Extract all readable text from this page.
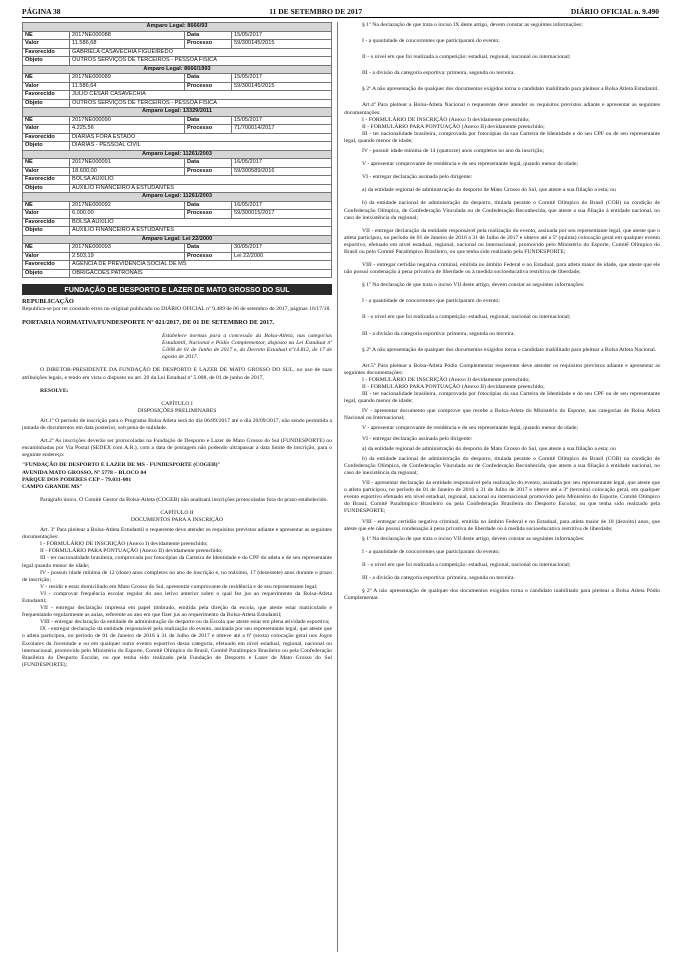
PÁGINA 38	11 DE SETEMBRO DE 2017	DIÁRIO OFICIAL n. 9.490
Amparo Legal: 8666/93			
NE	2017NE000088	Data	15/05/2017
Valor	11.586,68	Processo	59/300145/2015
Favorecido	GABRIELA CASAVECHIA FIGUEIREDO		
Objeto	OUTROS SERVIÇOS DE TERCEIROS - PESSOA FISICA		
Amparo Legal: 8666/1993			
NE	2017NE000089	Data	15/05/2017
Valor	11.586,64	Processo	59/300145/2015
Favorecido	JULIO CESAR CASAVECHIA		
Objeto	OUTROS SERVIÇOS DE TERCEIROS - PESSOA FISICA		
Amparo Legal: 13329/2011			
NE	2017NE000090	Data	15/05/2017
Valor	4.225,56	Processo	71/700014/2017
Favorecido	DIARIAS FORA ESTADO		
Objeto	DIARIAS - PESSOAL CIVIL		
Amparo Legal: 11261/2003			
NE	2017NE000091	Data	16/05/2017
Valor	18.600,00	Processo	59/300589/2016
Favorecido	BOLSA AUXILIO		
Objeto	AUXILIO FINANCEIRO A ESTUDANTES		
Amparo Legal: 11261/2003			
NE	2017NE000092	Data	16/05/2017
Valor	6.000,00	Processo	59/300015/2017
Favorecido	BOLSA AUXILIO		
Objeto	AUXILIO FINANCEIRO A ESTUDANTES		
Amparo Legal: Lei 22/2000			
NE	2017NE000093	Data	30/05/2017
Valor	2.503,19	Processo	Lei 22/2000
Favorecido	AGENCIA DE PREVIDENCIA SOCIAL DE MS		
Objeto	OBRIGACOES PATRONAIS		
FUNDAÇÃO DE DESPORTO E LAZER DE MATO GROSSO DO SUL

REPUBLICAÇÃO

Republica-se por ter constado erros no original publicado no DIÁRIO OFICIAL nº 9.489 de 06 de setembro de 2017, páginas 16/17/18.

PORTARIA NORMATIVA/FUNDESPORTE Nº 021/2017, DE 01 DE SETEMBRO DE 2017.

Estabelece normas para a concessão da Bolsa-Atleta, nas categorias Estudantil, Nacional e Pódio Complementar, disposto na Lei Estadual nº 5.008 de 01 de Junho de 2017 e, do Decreto Estadual nº14.812, de 17 de agosto de 2017.

O DIRETOR-PRESIDENTE DA FUNDAÇÃO DE DESPORTO E LAZER DE MATO GROSSO DO SUL, no uso de suas atribuições legais, e tendo em vista o disposto no art. 20 da Lei Estadual nº 5.008, de 01 de junho de 2017,

RESOLVE:

CAPÍTULO I

DISPOSIÇÕES PRELIMINARES

Art.1º O período de inscrição para o Programa Bolsa Atleta será do dia 06/09/2017 até o dia 20/09/2017, não sendo permitida a juntada de documentos em data posterior, sob pena de nulidade.

Art.2º As inscrições deverão ser protocoladas na Fundação de Desporto e Lazer de Mato Grosso do Sul (FUNDESPORTE) ou encaminhadas por Via Postal (SEDEX com A.R.), com a data de postagem não podendo ultrapassar a data limite de inscrição, para o seguinte endereço:

"FUNDAÇÃO DE DESPORTO E LAZER DE MS - FUNDESPORTE (COGEB)"

AVENIDA MATO GROSSO, Nº 5778 – BLOCO 04

PARQUE DOS PODERES CEP – 79.031-001

CAMPO GRANDE MS"

Parágrafo único. O Comitê Gestor da Bolsa-Atleta (COGEB) não analisará inscrições protocoladas fora do prazo estabelecido.

CAPÍTULO II

DOCUMENTOS PARA A INSCRIÇÃO

Art. 3º Para pleitear a Bolsa-Atleta Estudantil o requerente deve atender os requisitos previstos adiante e apresentar as seguintes documentações:

I - FORMULÁRIO DE INSCRIÇÃO (Anexo I) devidamente preenchido;

II - FORMULÁRIO PARA PONTUAÇÃO (Anexo II) devidamente preenchido;

III - ter nacionalidade brasileira, comprovada por fotocópias da Carteira de Identidade e do CPF do atleta e de seu representante legal quando menor de idade;

IV - possuir idade mínima de 12 (doze) anos completos no ano de inscrição e, no máximo, 17 (dezessete) anos durante o prazo de inscrição;

V - residir e estar domiciliado em Mato Grosso do Sul, apresentar comprovante de residência e de seu representante legal;

VI - comprovar frequência escolar regular do ano letivo anterior sobre o qual fez jus ao requerimento da Bolsa-Atleta Estudantil;

VII - entregar declaração impressa em papel timbrado, emitida pela direção da escola, que ateste estar matriculado e frequentando regularmente as aulas, referente ao ano em que fizer jus ao requerimento da Bolsa-Atleta Estudantil;

VIII - entregar declaração da entidade de administração do desporto ou da Escola que ateste estar em plena atividade esportiva;

IX - entregar declaração da entidade responsável pela realização do evento, assinada por seu representante legal, que ateste que o atleta participou, no período de 01 de Janeiro de 2016 à 31 de Julho de 2017 e obteve até a 6ª (sexta) colocação geral nos Jogos Escolares da Juventude e ou em qualquer outro evento esportivo dessa categoria, efetuado em nível estadual, regional, nacional ou internacional, promovido pelo Ministério do Esporte, Comitê Olímpico do Brasil, Comitê Paralímpico Brasileiro ou pela Confederação Brasileira do Desporto Escolar, ou que tenha sido realizado pela Fundação de Desporto e Lazer de Mato Grosso do Sul (FUNDESPORTE);

§ 1º Na declaração de que trata o inciso IX deste artigo, devem constar as seguintes informações:

I - a quantidade de concorrentes que participaram do evento;

II - o nível em que foi realizada a competição: estadual, regional, nacional ou internacional;

III - a divisão da categoria esportiva: primeira, segunda ou terceira.

§ 2º A não apresentação de qualquer dos documentos exigidos torna o candidato inabilitado para pleitear a Bolsa Atleta Estudantil.

Art.4º Para pleitear a Bolsa-Atleta Nacional o requerente deve atender os requisitos previstos adiante e apresentar as seguintes documentações:

I - FORMULÁRIO DE INSCRIÇÃO (Anexo I) devidamente preenchido;

II - FORMULÁRIO PARA PONTUAÇÃO (Anexo II) devidamente preenchido;

III - ter nacionalidade brasileira, comprovada por fotocópias da sua Carteira de Identidade e do seu CPF ou de seu representante legal, quando menor de idade;

IV - possuir idade mínima de 14 (quatorze) anos completos no ano da inscrição;

V - apresentar comprovante de residência e de seu representante legal, quando menor de idade;

VI - entregar declaração assinada pelo dirigente:

a) da entidade regional de administração do desporto de Mato Grosso do Sul, que ateste a sua filiação a esta; ou

b) da entidade nacional de administração do desporto, titulada perante o Comitê Olímpico do Brasil (COB) na condição de Confederação Olímpica, de Confederação Vinculada ou de Confederação Reconhecida, que ateste a sua filiação à entidade nacional, no caso de inexistência da regional;

VII - entregar declaração da entidade responsável pela realização do evento, assinada por seu representante legal, que ateste que o atleta participou, no período de 01 de Janeiro de 2016 a 31 de Julho de 2017 e obteve até a 5ª (quinta) colocação geral em qualquer evento esportivo, efetuado em nível estadual, regional, nacional ou internacional, promovido pelo Ministério do Esporte, Comitê Olímpico do Brasil ou pelo Comitê Paralímpico Brasileiro, ou que tenha sido realizado pela FUNDESPORTE;

VIII - entregar certidão negativa criminal, emitida no âmbito Federal e no Estadual, para atleta maior de idade, que ateste que ele não possui condenação à pena privativa de liberdade ou à medida socioeducativa restritiva de liberdade;

§ 1º Na declaração de que trata o inciso VII deste artigo, devem constar as seguintes informações:

I - a quantidade de concorrentes que participaram do evento;

II - o nível em que foi realizada a competição: estadual, regional, nacional ou internacional;

III - a divisão da categoria esportiva: primeira, segunda ou terceira.

§ 2º A não apresentação de qualquer dos documentos exigidos torna o candidato inabilitado para pleitear a Bolsa Atleta Nacional.

Art.5º Para pleitear a Bolsa-Atleta Pódio Complementar requerente deve atender os requisitos previstos adiante e apresentar as seguintes documentações:

I - FORMULÁRIO DE INSCRIÇÃO (Anexo I) devidamente preenchido;

II - FORMULÁRIO PARA PONTUAÇÃO (Anexo II) devidamente preenchido;

III - ter nacionalidade brasileira, comprovada por fotocópias da sua Carteira de Identidade e do seu CPF ou de seu representante legal, quando menor de idade;

IV - apresentar documento que comprove que recebe a Bolsa-Atleta do Ministério do Esporte, nas categorias de Bolsa Atleta Nacional ou Internacional;

V - apresentar comprovante de residência e de seu representante legal, quando menor de idade;

VI - entregar declaração assinada pelo dirigente:

a) da entidade regional de administração do desporto de Mato Grosso do Sul, que ateste a sua filiação a esta; ou

b) da entidade nacional de administração do desporto, titulada perante o Comitê Olímpico do Brasil (COB) na condição de Confederação Olímpica, de Confederação Vinculada ou de Confederação Reconhecida, que ateste a sua filiação à entidade nacional, no caso de inexistência da regional;

VII - apresentar declaração da entidade responsável pela realização do evento, assinada por seu representante legal, que ateste que o atleta participou, no período de 01 de Janeiro de 2016 a 31 de Julho de 2017 e obteve até a 3ª (terceira) colocação geral, em qualquer evento esportivo efetuado em nível estadual, regional, nacional ou internacional promovido pelo Ministério do Esporte, Comitê Olímpico do Brasil, Comitê Paralímpico Brasileiro ou pela Confederação Brasileira do Desporto Escolar, ou que tenha sido realizado pela FUNDESPORTE;

VIII - entregar certidão negativa criminal, emitida no âmbito Federal e no Estadual, para atleta maior de 18 (dezoito) anos, que ateste que ele não possui condenação à pena privativa de liberdade ou à medida socioeducativa restritiva de liberdade;

§ 1º Na declaração de que trata o inciso VII deste artigo, devem constar as seguintes informações:

I - a quantidade de concorrentes que participaram do evento;

II - o nível em que foi realizada a competição: estadual, regional, nacional ou internacional;

III - a divisão da categoria esportiva: primeira, segunda ou terceira.

§ 2º A não apresentação de qualquer dos documentos exigidos torna o candidato inabilitado para pleitear a Bolsa Atleta Pódio Complementar.
